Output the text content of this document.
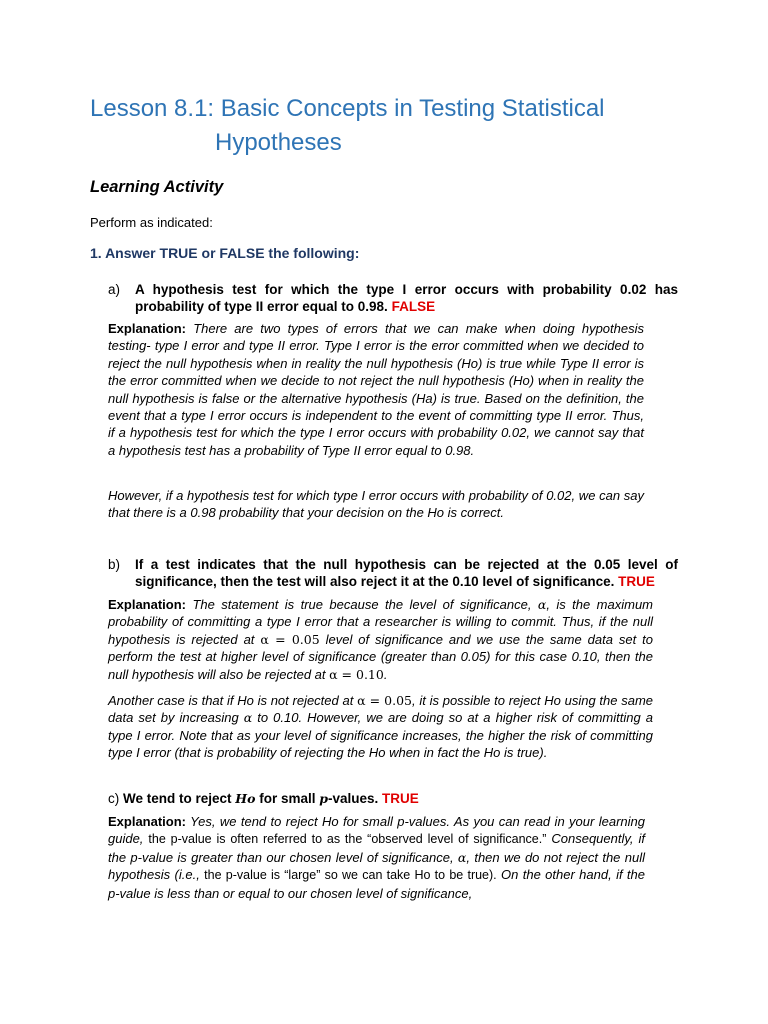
Lesson 8.1: Basic Concepts in Testing Statistical
Hypotheses
Learning Activity
Perform as indicated:
1. Answer TRUE or FALSE the following:
a) A hypothesis test for which the type I error occurs with probability 0.02 has probability of type II error equal to 0.98. FALSE
Explanation: There are two types of errors that we can make when doing hypothesis testing- type I error and type II error. Type I error is the error committed when we decided to reject the null hypothesis when in reality the null hypothesis (Ho) is true while Type II error is the error committed when we decide to not reject the null hypothesis (Ho) when in reality the null hypothesis is false or the alternative hypothesis (Ha) is true. Based on the definition, the event that a type I error occurs is independent to the event of committing type II error. Thus, if a hypothesis test for which the type I error occurs with probability 0.02, we cannot say that a hypothesis test has a probability of Type II error equal to 0.98.
However, if a hypothesis test for which type I error occurs with probability of 0.02, we can say that there is a 0.98 probability that your decision on the Ho is correct.
b) If a test indicates that the null hypothesis can be rejected at the 0.05 level of significance, then the test will also reject it at the 0.10 level of significance. TRUE
Explanation: The statement is true because the level of significance, α, is the maximum probability of committing a type I error that a researcher is willing to commit. Thus, if the null hypothesis is rejected at α = 0.05 level of significance and we use the same data set to perform the test at higher level of significance (greater than 0.05) for this case 0.10, then the null hypothesis will also be rejected at α = 0.10.
Another case is that if Ho is not rejected at α = 0.05, it is possible to reject Ho using the same data set by increasing α to 0.10. However, we are doing so at a higher risk of committing a type I error. Note that as your level of significance increases, the higher the risk of committing type I error (that is probability of rejecting the Ho when in fact the Ho is true).
c) We tend to reject Ho for small p-values. TRUE
Explanation: Yes, we tend to reject Ho for small p-values. As you can read in your learning guide, the p-value is often referred to as the “observed level of significance.” Consequently, if the p-value is greater than our chosen level of significance, α, then we do not reject the null hypothesis (i.e., the p-value is “large” so we can take Ho to be true). On the other hand, if the p-value is less than or equal to our chosen level of significance,
